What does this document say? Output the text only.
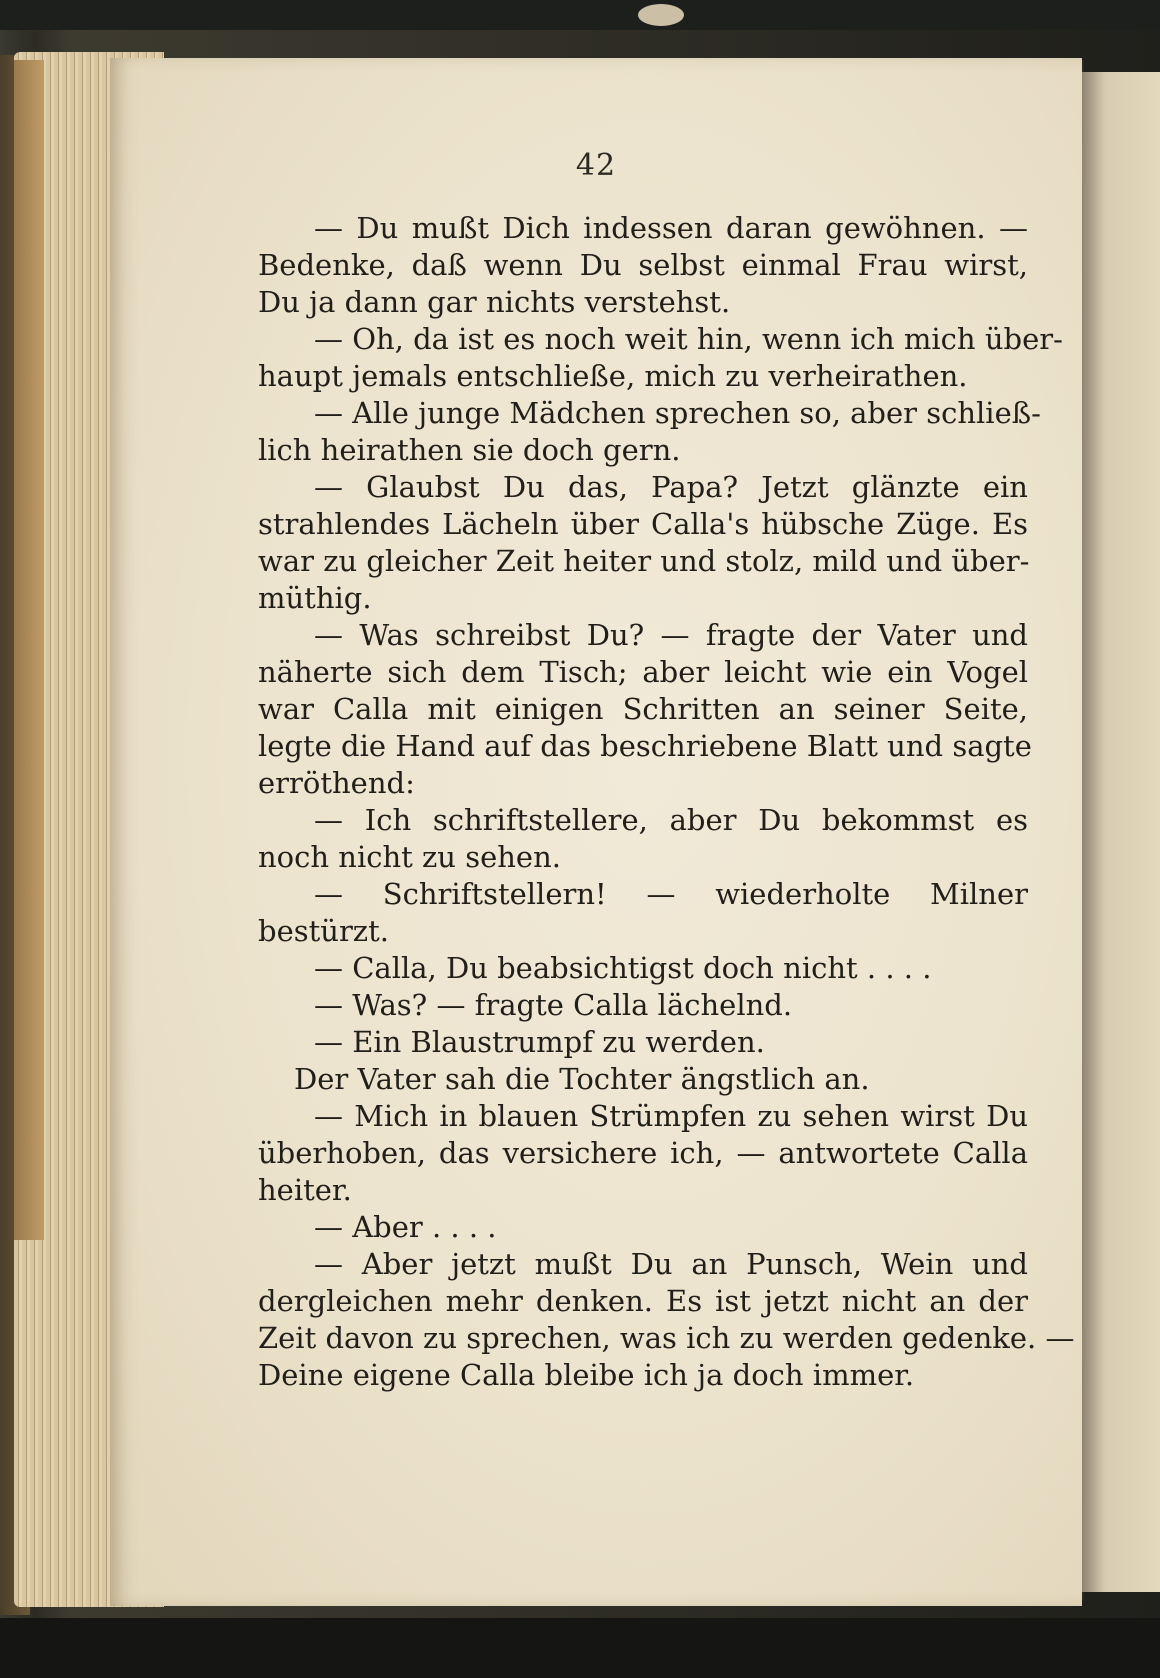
42
— Du mußt Dich indessen daran gewöhnen. —
Bedenke, daß wenn Du selbst einmal Frau wirst,
Du ja dann gar nichts verstehst.
— Oh, da ist es noch weit hin, wenn ich mich über-
haupt jemals entschließe, mich zu verheirathen.
— Alle junge Mädchen sprechen so, aber schließ-
lich heirathen sie doch gern.
— Glaubst Du das, Papa? Jetzt glänzte ein
strahlendes Lächeln über Calla's hübsche Züge. Es
war zu gleicher Zeit heiter und stolz, mild und über-
müthig.
— Was schreibst Du? — fragte der Vater und
näherte sich dem Tisch; aber leicht wie ein Vogel
war Calla mit einigen Schritten an seiner Seite,
legte die Hand auf das beschriebene Blatt und sagte
erröthend:
— Ich schriftstellere, aber Du bekommst es
noch nicht zu sehen.
— Schriftstellern! — wiederholte Milner
bestürzt.
— Calla, Du beabsichtigst doch nicht . . . .
— Was? — fragte Calla lächelnd.
— Ein Blaustrumpf zu werden.
Der Vater sah die Tochter ängstlich an.
— Mich in blauen Strümpfen zu sehen wirst Du
überhoben, das versichere ich, — antwortete Calla
heiter.
— Aber . . . .
— Aber jetzt mußt Du an Punsch, Wein und
dergleichen mehr denken. Es ist jetzt nicht an der
Zeit davon zu sprechen, was ich zu werden gedenke. —
Deine eigene Calla bleibe ich ja doch immer.
